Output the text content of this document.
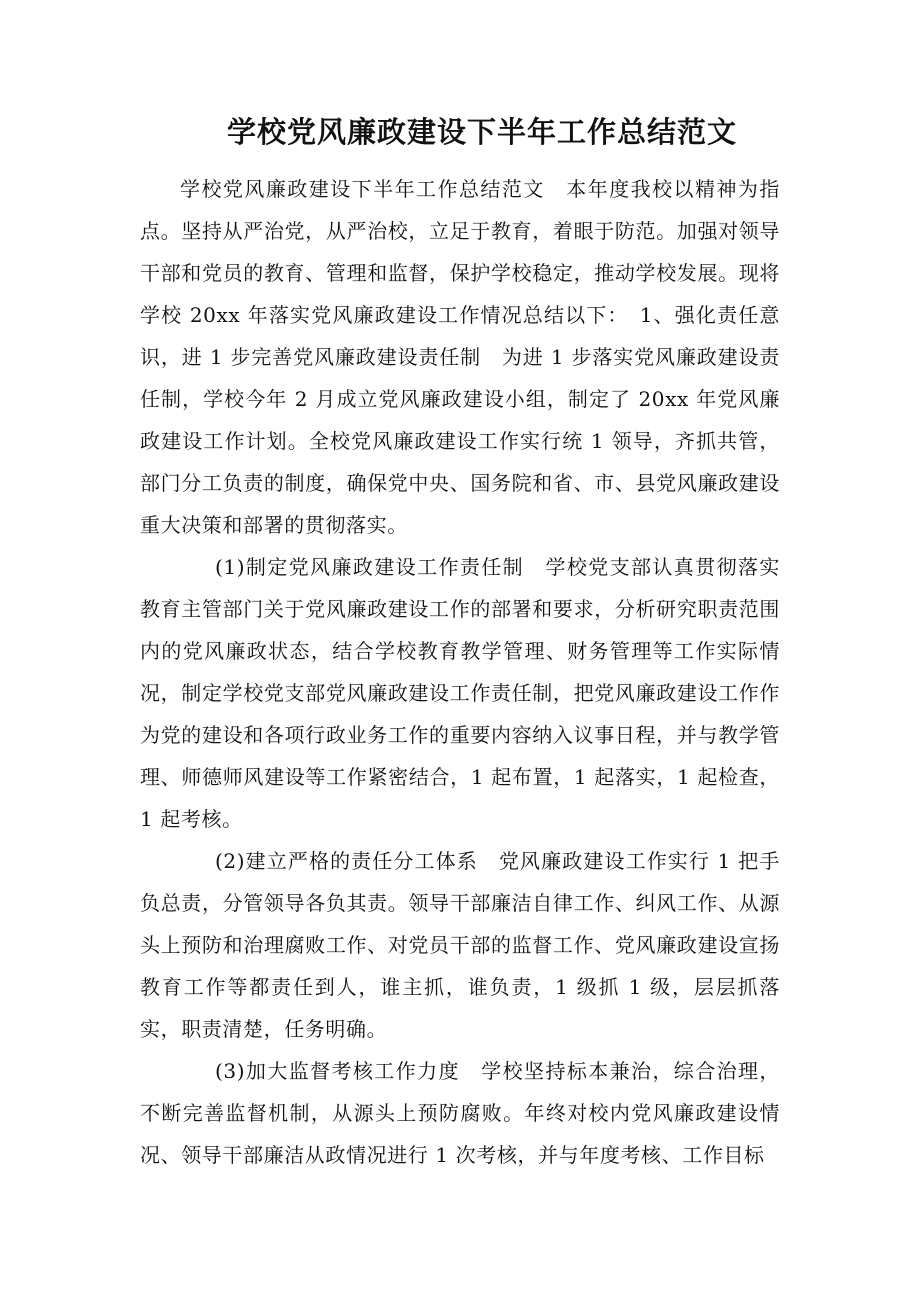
学校党风廉政建设下半年工作总结范文

学校党风廉政建设下半年工作总结范文　本年度我校以精神为指点。坚持从严治党，从严治校，立足于教育，着眼于防范。加强对领导干部和党员的教育、管理和监督，保护学校稳定，推动学校发展。现将学校 20xx 年落实党风廉政建设工作情况总结以下：　1、强化责任意识，进 1 步完善党风廉政建设责任制　为进 1 步落实党风廉政建设责任制，学校今年 2 月成立党风廉政建设小组，制定了 20xx 年党风廉政建设工作计划。全校党风廉政建设工作实行统 1 领导，齐抓共管，部门分工负责的制度，确保党中央、国务院和省、市、县党风廉政建设重大决策和部署的贯彻落实。

(1)制定党风廉政建设工作责任制　学校党支部认真贯彻落实教育主管部门关于党风廉政建设工作的部署和要求，分析研究职责范围内的党风廉政状态，结合学校教育教学管理、财务管理等工作实际情况，制定学校党支部党风廉政建设工作责任制，把党风廉政建设工作作为党的建设和各项行政业务工作的重要内容纳入议事日程，并与教学管理、师德师风建设等工作紧密结合，1 起布置，1 起落实，1 起检查，1 起考核。

(2)建立严格的责任分工体系　党风廉政建设工作实行 1 把手负总责，分管领导各负其责。领导干部廉洁自律工作、纠风工作、从源头上预防和治理腐败工作、对党员干部的监督工作、党风廉政建设宣扬教育工作等都责任到人，谁主抓，谁负责，1 级抓 1 级，层层抓落实，职责清楚，任务明确。

(3)加大监督考核工作力度　学校坚持标本兼治，综合治理，不断完善监督机制，从源头上预防腐败。年终对校内党风廉政建设情况、领导干部廉洁从政情况进行 1 次考核，并与年度考核、工作目标
